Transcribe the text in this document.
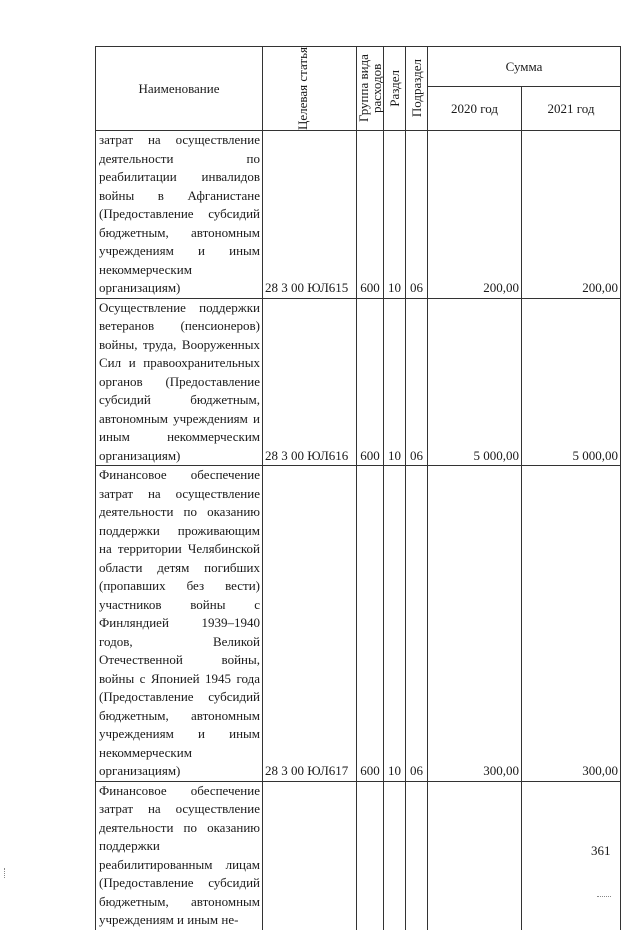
Наименование	Целевая статья	Группа вида расходов	Раздел	Подраздел	Сумма	
					2020 год	2021 год
затрат на осуществление деятельности по реабилитации инвалидов войны в Афганистане (Предоставление субсидий бюджетным, автономным учреждениям и иным некоммерческим организациям)	28 3 00 ЮЛ615	600	10	06	200,00	200,00
Осуществление поддержки ветеранов (пенсионеров) войны, труда, Вооруженных Сил и правоохранительных органов (Предоставление субсидий бюджетным, автономным учреждениям и иным некоммерческим организациям)	28 3 00 ЮЛ616	600	10	06	5 000,00	5 000,00
Финансовое обеспечение затрат на осуществление деятельности по оказанию поддержки проживающим на территории Челябинской области детям погибших (пропавших без вести) участников войны с Финляндией 1939–1940 годов, Великой Отечественной войны, войны с Японией 1945 года (Предоставление субсидий бюджетным, автономным учреждениям и иным некоммерческим организациям)	28 3 00 ЮЛ617	600	10	06	300,00	300,00
Финансовое обеспечение затрат на осуществление деятельности по оказанию поддержки реабилитированным лицам (Предоставление субсидий бюджетным, автономным учреждениям и иным не-						
361
